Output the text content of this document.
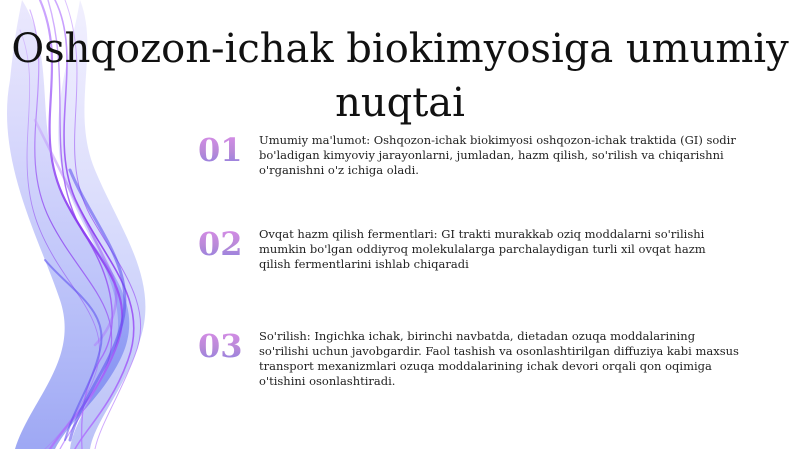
Oshqozon-ichak biokimyosiga umumiy nuqtai
01 Umumiy ma'lumot: Oshqozon-ichak biokimyosi oshqozon-ichak traktida (GI) sodir bo'ladigan kimyoviy jarayonlarni, jumladan, hazm qilish, so'rilish va chiqarishni o'rganishni o'z ichiga oladi.

02 Ovqat hazm qilish fermentlari: GI trakti murakkab oziq moddalarni so'rilishi mumkin bo'lgan oddiyroq molekulalarga parchalaydigan turli xil ovqat hazm qilish fermentlarini ishlab chiqaradi

03 So'rilish: Ingichka ichak, birinchi navbatda, dietadan ozuqa moddalarining so'rilishi uchun javobgardir. Faol tashish va osonlashtirilgan diffuziya kabi maxsus transport mexanizmlari ozuqa moddalarining ichak devori orqali qon oqimiga o'tishini osonlashtiradi.
